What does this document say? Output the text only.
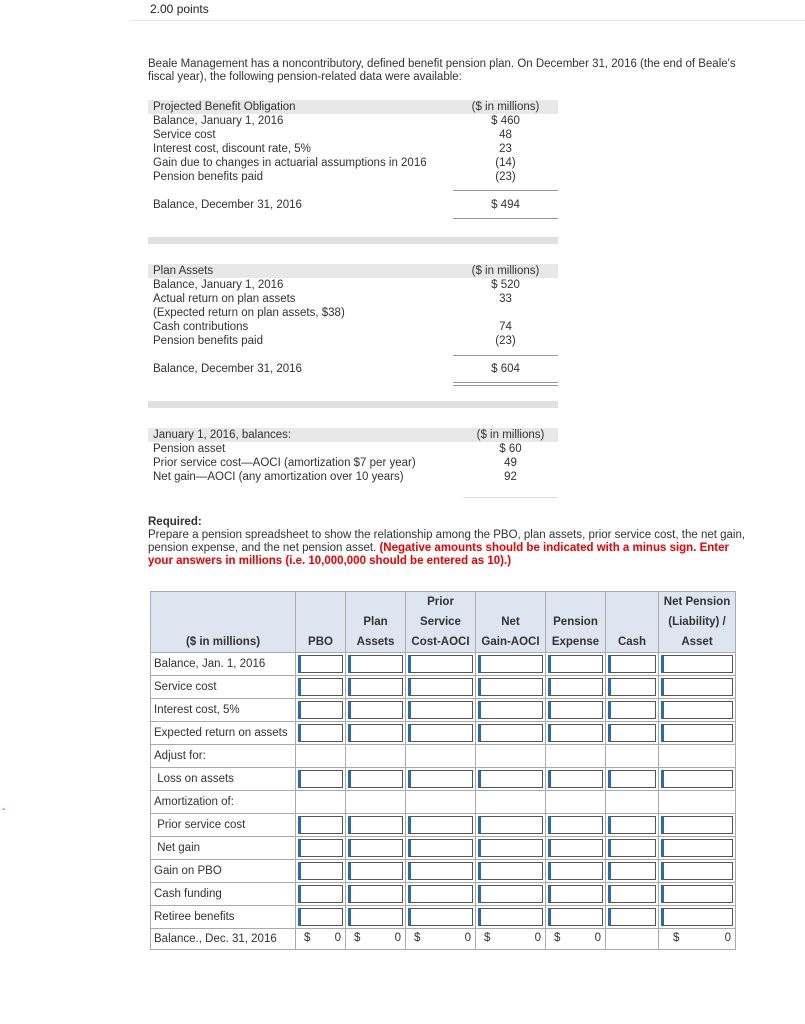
2.00 points
Beale Management has a noncontributory, defined benefit pension plan. On December 31, 2016 (the end of Beale's fiscal year), the following pension-related data were available:
Projected Benefit Obligation	($ in millions)
Balance, January 1, 2016	$ 460
Service cost	48
Interest cost, discount rate, 5%	23
Gain due to changes in actuarial assumptions in 2016	(14)
Pension benefits paid	(23)
Balance, December 31, 2016	$ 494
Plan Assets	($ in millions)
Balance, January 1, 2016	$ 520
Actual return on plan assets	33
(Expected return on plan assets, $38)
Cash contributions	74
Pension benefits paid	(23)
Balance, December 31, 2016	$ 604
January 1, 2016, balances:	($ in millions)
Pension asset	$ 60
Prior service cost—AOCI (amortization $7 per year)	49
Net gain—AOCI (any amortization over 10 years)	92
Required:
Prepare a pension spreadsheet to show the relationship among the PBO, plan assets, prior service cost, the net gain, pension expense, and the net pension asset. (Negative amounts should be indicated with a minus sign. Enter your answers in millions (i.e. 10,000,000 should be entered as 10).)
			Prior				Net Pension
		Plan	Service	Net	Pension		(Liability) /
($ in millions)	PBO	Assets	Cost-AOCI	Gain-AOCI	Expense	Cash	Asset
Balance, Jan. 1, 2016	

Service cost	

Interest cost, 5%	

Expected return on assets	

Adjust for:							
Loss on assets	

Amortization of:							
Prior service cost	

Net gain	

Gain on PBO	

Cash funding	

Retiree benefits	

Balance., Dec. 31, 2016	$ 0	$ 0	$ 0	$ 0	$ 0		$ 0
-
